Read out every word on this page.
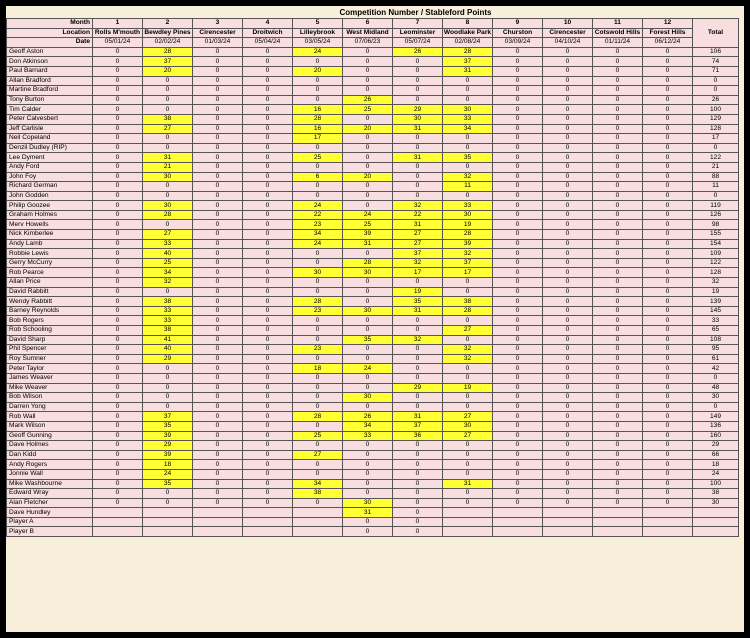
	Competition Number / Stableford Points												
Month	1	2	3	4	5	6	7	8	9	10	11	12	Total
Location	Rolls M'mouth	Bewdley Pines	Cirencester	Droitwich	Lilleybrook	West Midland	Leominster	Woodlake Park	Churston	Cirencester	Cotswold Hills	Forest Hills	
Date	05/01/24	02/02/24	01/03/24	05/04/24	03/05/24	07/06/23	05/07/24	02/08/24	03/09/24	04/10/24	01/11/24	06/12/24	
Geoff Aston	0	28	0	0	24	0	26	28	0	0	0	0	106
Don Atkinson	0	37	0	0	0	0	0	37	0	0	0	0	74
Paul Barnard	0	20	0	0	20	0	0	31	0	0	0	0	71
Allan Bradford	0	0	0	0	0	0	0	0	0	0	0	0	0
Martine Bradford	0	0	0	0	0	0	0	0	0	0	0	0	0
Tony Burton	0	0	0	0	0	26	0	0	0	0	0	0	26
Tim Calder	0	0	0	0	16	25	29	30	0	0	0	0	100
Peter Calvesbert	0	38	0	0	28	0	30	33	0	0	0	0	129
Jeff Carlisle	0	27	0	0	16	20	31	34	0	0	0	0	128
Neil Copeland	0	0	0	0	17	0	0	0	0	0	0	0	17
Denzil Dudley (RIP)	0	0	0	0	0	0	0	0	0	0	0	0	0
Lee Dyment	0	31	0	0	25	0	31	35	0	0	0	0	122
Andy Ford	0	21	0	0	0	0	0	0	0	0	0	0	21
John Foy	0	30	0	0	6	20	0	32	0	0	0	0	88
Richard German	0	0	0	0	0	0	0	11	0	0	0	0	11
John Godden	0	0	0	0	0	0	0	0	0	0	0	0	0
Philip Goozee	0	30	0	0	24	0	32	33	0	0	0	0	119
Graham Holmes	0	28	0	0	22	24	22	30	0	0	0	0	126
Merv Howells	0	0	0	0	23	25	31	19	0	0	0	0	98
Nick Kimberlee	0	27	0	0	34	39	27	28	0	0	0	0	155
Andy Lamb	0	33	0	0	24	31	27	39	0	0	0	0	154
Robbie Lewis	0	40	0	0	0	0	37	32	0	0	0	0	109
Gerry McCurry	0	25	0	0	0	28	32	37	0	0	0	0	122
Rob Pearce	0	34	0	0	30	30	17	17	0	0	0	0	128
Allan Price	0	32	0	0	0	0	0	0	0	0	0	0	32
David Rabbitt	0	0	0	0	0	0	19	0	0	0	0	0	19
Wendy Rabbitt	0	38	0	0	28	0	35	38	0	0	0	0	139
Barney Reynolds	0	33	0	0	23	30	31	28	0	0	0	0	145
Bob Rogers	0	33	0	0	0	0	0	0	0	0	0	0	33
Rob Schooling	0	38	0	0	0	0	0	27	0	0	0	0	65
David Sharp	0	41	0	0	0	35	32	0	0	0	0	0	108
Phil Spencer	0	40	0	0	23	0	0	32	0	0	0	0	95
Roy Sumner	0	29	0	0	0	0	0	32	0	0	0	0	61
Peter Taylor	0	0	0	0	18	24	0	0	0	0	0	0	42
James Weaver	0	0	0	0	0	0	0	0	0	0	0	0	0
Mike Weaver	0	0	0	0	0	0	29	19	0	0	0	0	48
Bob Wilson	0	0	0	0	0	30	0	0	0	0	0	0	30
Darren Yong	0	0	0	0	0	0	0	0	0	0	0	0	0
Rob Wall	0	37	0	0	28	26	31	27	0	0	0	0	149
Mark Wilson	0	35	0	0	0	34	37	30	0	0	0	0	136
Geoff Gunning	0	39	0	0	25	33	36	27	0	0	0	0	160
Dave Holmes	0	29	0	0	0	0	0	0	0	0	0	0	29
Dan Kidd	0	39	0	0	27	0	0	0	0	0	0	0	66
Andy Rogers	0	18	0	0	0	0	0	0	0	0	0	0	18
Jonnie Wall	0	24	0	0	0	0	0	0	0	0	0	0	24
Mike Washbourne	0	35	0	0	34	0	0	31	0	0	0	0	100
Edward Wray	0	0	0	0	38	0	0	0	0	0	0	0	38
Alan Fletcher	0	0	0	0	0	30	0	0	0	0	0	0	30
Dave Hundley						31	0						
Player A						0	0						
Player B						0	0						
